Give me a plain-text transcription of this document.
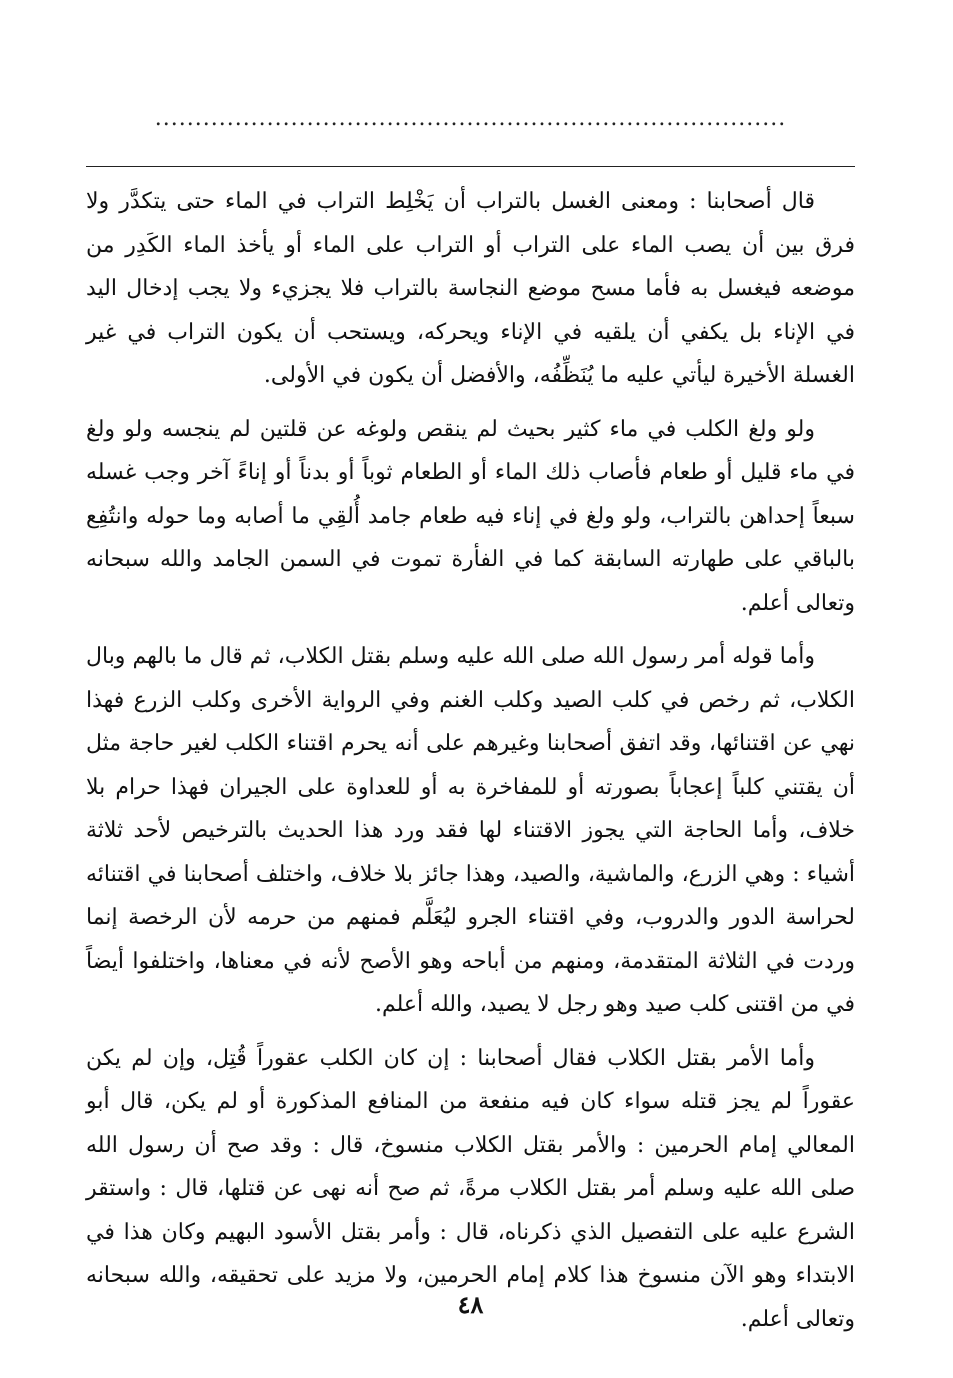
...............................................................................

قال أصحابنا : ومعنى الغسل بالتراب أن يَخْلِط التراب في الماء حتى يتكدَّر ولا فرق بين أن يصب الماء على التراب أو التراب على الماء أو يأخذ الماء الكَدِر من موضعه فيغسل به فأما مسح موضع النجاسة بالتراب فلا يجزيء ولا يجب إدخال اليد في الإناء بل يكفي أن يلقيه في الإناء ويحركه، ويستحب أن يكون التراب في غير الغسلة الأخيرة ليأتي عليه ما يُنَظِّفُه، والأفضل أن يكون في الأولى.

ولو ولغ الكلب في ماء كثير بحيث لم ينقص ولوغه عن قلتين لم ينجسه ولو ولغ في ماء قليل أو طعام فأصاب ذلك الماء أو الطعام ثوباً أو بدناً أو إناءً آخر وجب غسله سبعاً إحداهن بالتراب، ولو ولغ في إناء فيه طعام جامد أُلقِي ما أصابه وما حوله وانتُفِع بالباقي على طهارته السابقة كما في الفأرة تموت في السمن الجامد والله سبحانه وتعالى أعلم.

وأما قوله أمر رسول الله صلى الله عليه وسلم بقتل الكلاب، ثم قال ما بالهم وبال الكلاب، ثم رخص في كلب الصيد وكلب الغنم وفي الرواية الأخرى وكلب الزرع فهذا نهي عن اقتنائها، وقد اتفق أصحابنا وغيرهم على أنه يحرم اقتناء الكلب لغير حاجة مثل أن يقتني كلباً إعجاباً بصورته أو للمفاخرة به أو للعداوة على الجيران فهذا حرام بلا خلاف، وأما الحاجة التي يجوز الاقتناء لها فقد ورد هذا الحديث بالترخيص لأحد ثلاثة أشياء : وهي الزرع، والماشية، والصيد، وهذا جائز بلا خلاف، واختلف أصحابنا في اقتنائه لحراسة الدور والدروب، وفي اقتناء الجرو ليُعَلَّم فمنهم من حرمه لأن الرخصة إنما وردت في الثلاثة المتقدمة، ومنهم من أباحه وهو الأصح لأنه في معناها، واختلفوا أيضاً في من اقتنى كلب صيد وهو رجل لا يصيد، والله أعلم.

وأما الأمر بقتل الكلاب فقال أصحابنا : إن كان الكلب عقوراً قُتِل، وإن لم يكن عقوراً لم يجز قتله سواء كان فيه منفعة من المنافع المذكورة أو لم يكن، قال أبو المعالي إمام الحرمين : والأمر بقتل الكلاب منسوخ، قال : وقد صح أن رسول الله صلى الله عليه وسلم أمر بقتل الكلاب مرةً، ثم صح أنه نهى عن قتلها، قال : واستقر الشرع عليه على التفصيل الذي ذكرناه، قال : وأمر بقتل الأسود البهيم وكان هذا في الابتداء وهو الآن منسوخ هذا كلام إمام الحرمين، ولا مزيد على تحقيقه، والله سبحانه وتعالى أعلم.

٤٨
